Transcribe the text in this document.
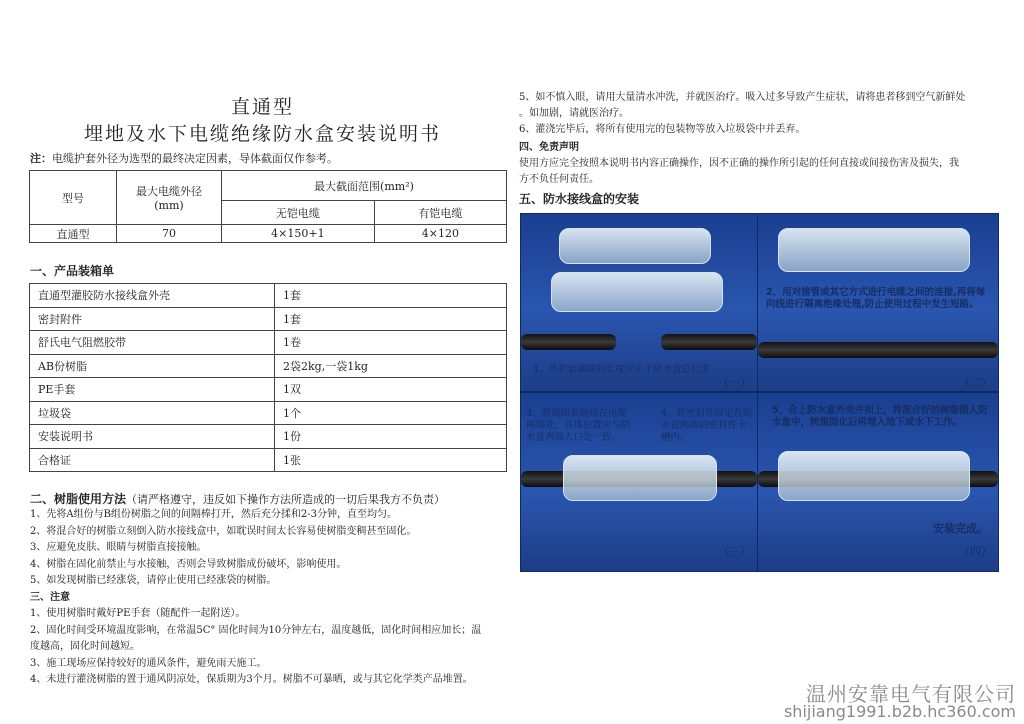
直通型
埋地及水下电缆绝缘防水盒安装说明书
注：电缆护套外径为选型的最终决定因素，导体截面仅作参考。
型号	最大电缆外径(mm)	最大截面范围(mm²)	
		无铠电缆	有铠电缆
直通型	70	4×150+1	4×120
一、产品装箱单
直通型灌胶防水接线盒外壳	1套
密封附件	1套
舒氏电气阻燃胶带	1卷
AB份树脂	2袋2kg,一袋1kg
PE手套	1双
垃圾袋	1个
安装说明书	1份
合格证	1张
二、树脂使用方法（请严格遵守，违反如下操作方法所造成的一切后果我方不负责）
1、先将A组份与B组份树脂之间的间隔棒打开，然后充分揉和2-3分钟，直至均匀。
2、将混合好的树脂立刻倒入防水接线盒中，如耽误时间太长容易使树脂变稠甚至固化。
3、应避免皮肤、眼睛与树脂直接接触。
4、树脂在固化前禁止与水接触，否则会导致树脂成份破坏，影响使用。
5、如发现树脂已经涨袋，请停止使用已经涨袋的树脂。
三、注意
1、使用树脂时戴好PE手套（随配件一起附送）。
2、固化时间受环境温度影响，在常温5C° 固化时间为10分钟左右，温度越低，固化时间相应加长；温
度越高，固化时间越短。
3、施工现场应保持较好的通风条件，避免雨天施工。
4、未进行灌浇树脂的置于通风阴凉处，保质期为3个月。树脂不可暴晒，或与其它化学类产品堆置。
5、如不慎入眼，请用大量清水冲洗，并就医治疗。吸入过多导致产生症状，请将患者移到空气新鲜处
。如加剧，请就医治疗。
6、灌浇完毕后，将所有使用完的包装物等放入垃圾袋中并丢弃。
四、免责声明
使用方应完全按照本说明书内容正确操作，因不正确的操作所引起的任何直接或间接伤害及损失，我
方不负任何责任。
五、防水接线盒的安装
1、外护套剥除的长度应小于防水盒总长度
（一）
2、用对接管或其它方式进行电缆之间的连接,再将每向线进行隔离绝缘处理,防止使用过程中发生短路。
（二）
3、将海绵条缠绕在电缆两端处，具体位置应与防水盒两端入口处一致。
4、将密封件固定在防水盒两端的密封件卡槽内。
（三）
5、合上防水盒外壳并扣上，将混合好的树脂倒入防水盒中，树脂固化后再埋入地下或水下工作。
安装完成。
（四）
温州安靠电气有限公司
shijiang1991.b2b.hc360.com
